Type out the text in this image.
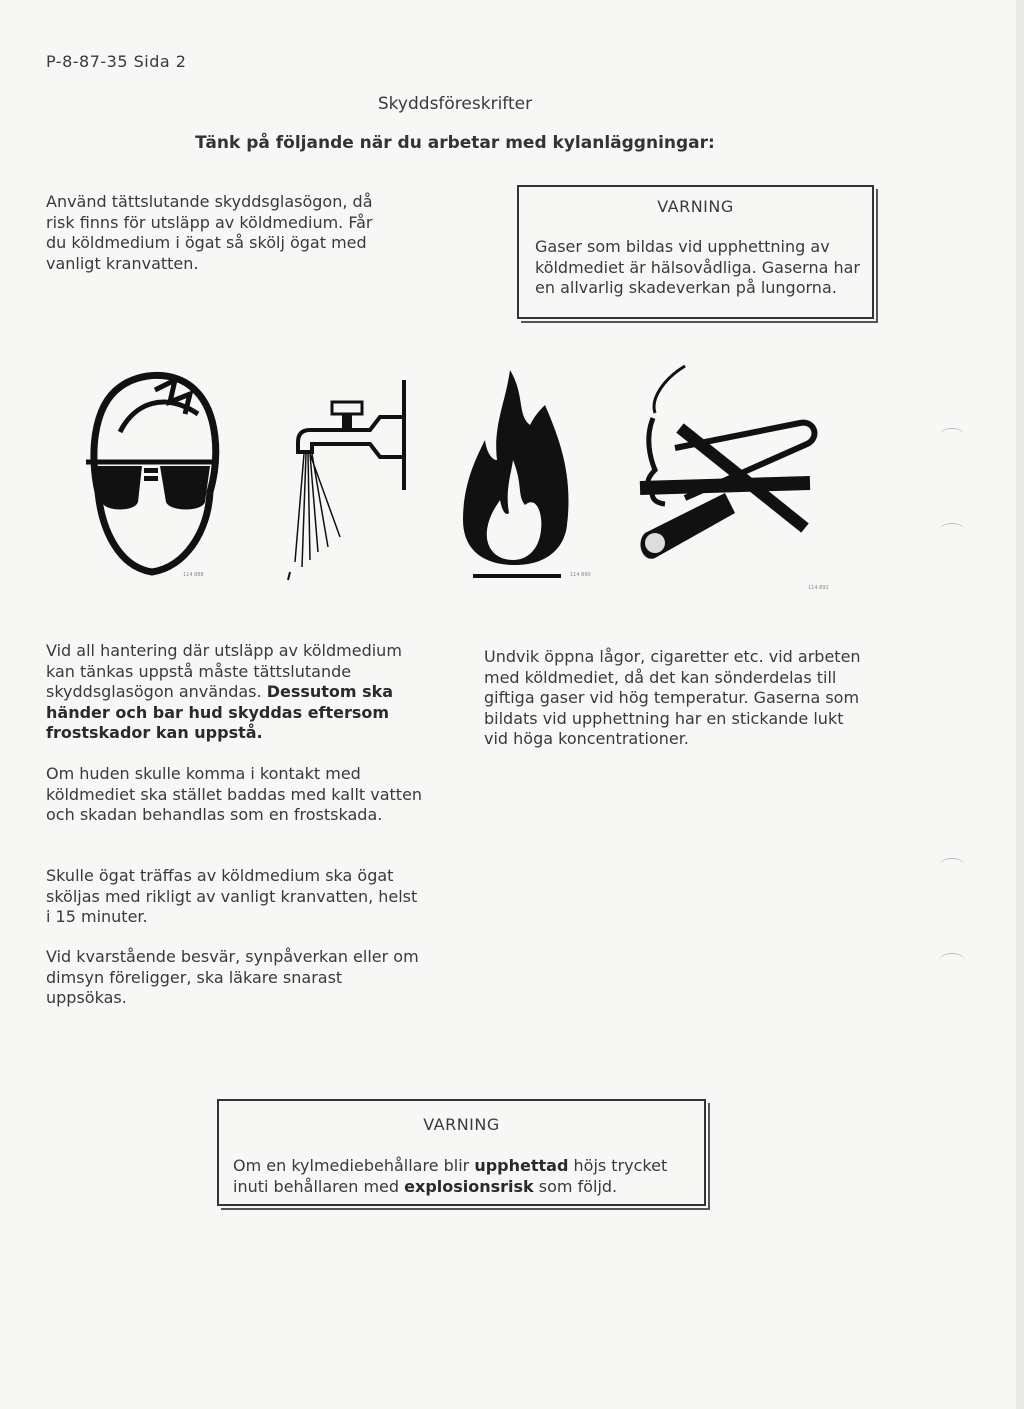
P-8-87-35 Sida 2
Skyddsföreskrifter
Tänk på följande när du arbetar med kylanläggningar:
Använd tättslutande skyddsglasögon, då risk finns för utsläpp av köldmedium. Får du köldmedium i ögat så skölj ögat med vanligt kranvatten.
VARNING
Gaser som bildas vid upphettning av köldmediet är hälsovådliga. Gaserna har en allvarlig skadeverkan på lungorna.
114 888	114 890
114 891

Vid all hantering där utsläpp av köldmedium kan tänkas uppstå måste tättslutande skyddsglasögon användas. Dessutom ska händer och bar hud skyddas eftersom frostskador kan uppstå.

Om huden skulle komma i kontakt med köldmediet ska stället baddas med kallt vatten och skadan behandlas som en frostskada.
Skulle ögat träffas av köldmedium ska ögat sköljas med rikligt av vanligt kranvatten, helst i 15 minuter.
Vid kvarstående besvär, synpåverkan eller om dimsyn föreligger, ska läkare snarast uppsökas.
Undvik öppna lågor, cigaretter etc. vid arbeten med köldmediet, då det kan sönderdelas till giftiga gaser vid hög temperatur. Gaserna som bildats vid upphettning har en stickande lukt vid höga koncentrationer.
VARNING
Om en kylmediebehållare blir upphettad höjs trycket inuti behållaren med explosionsrisk som följd.
